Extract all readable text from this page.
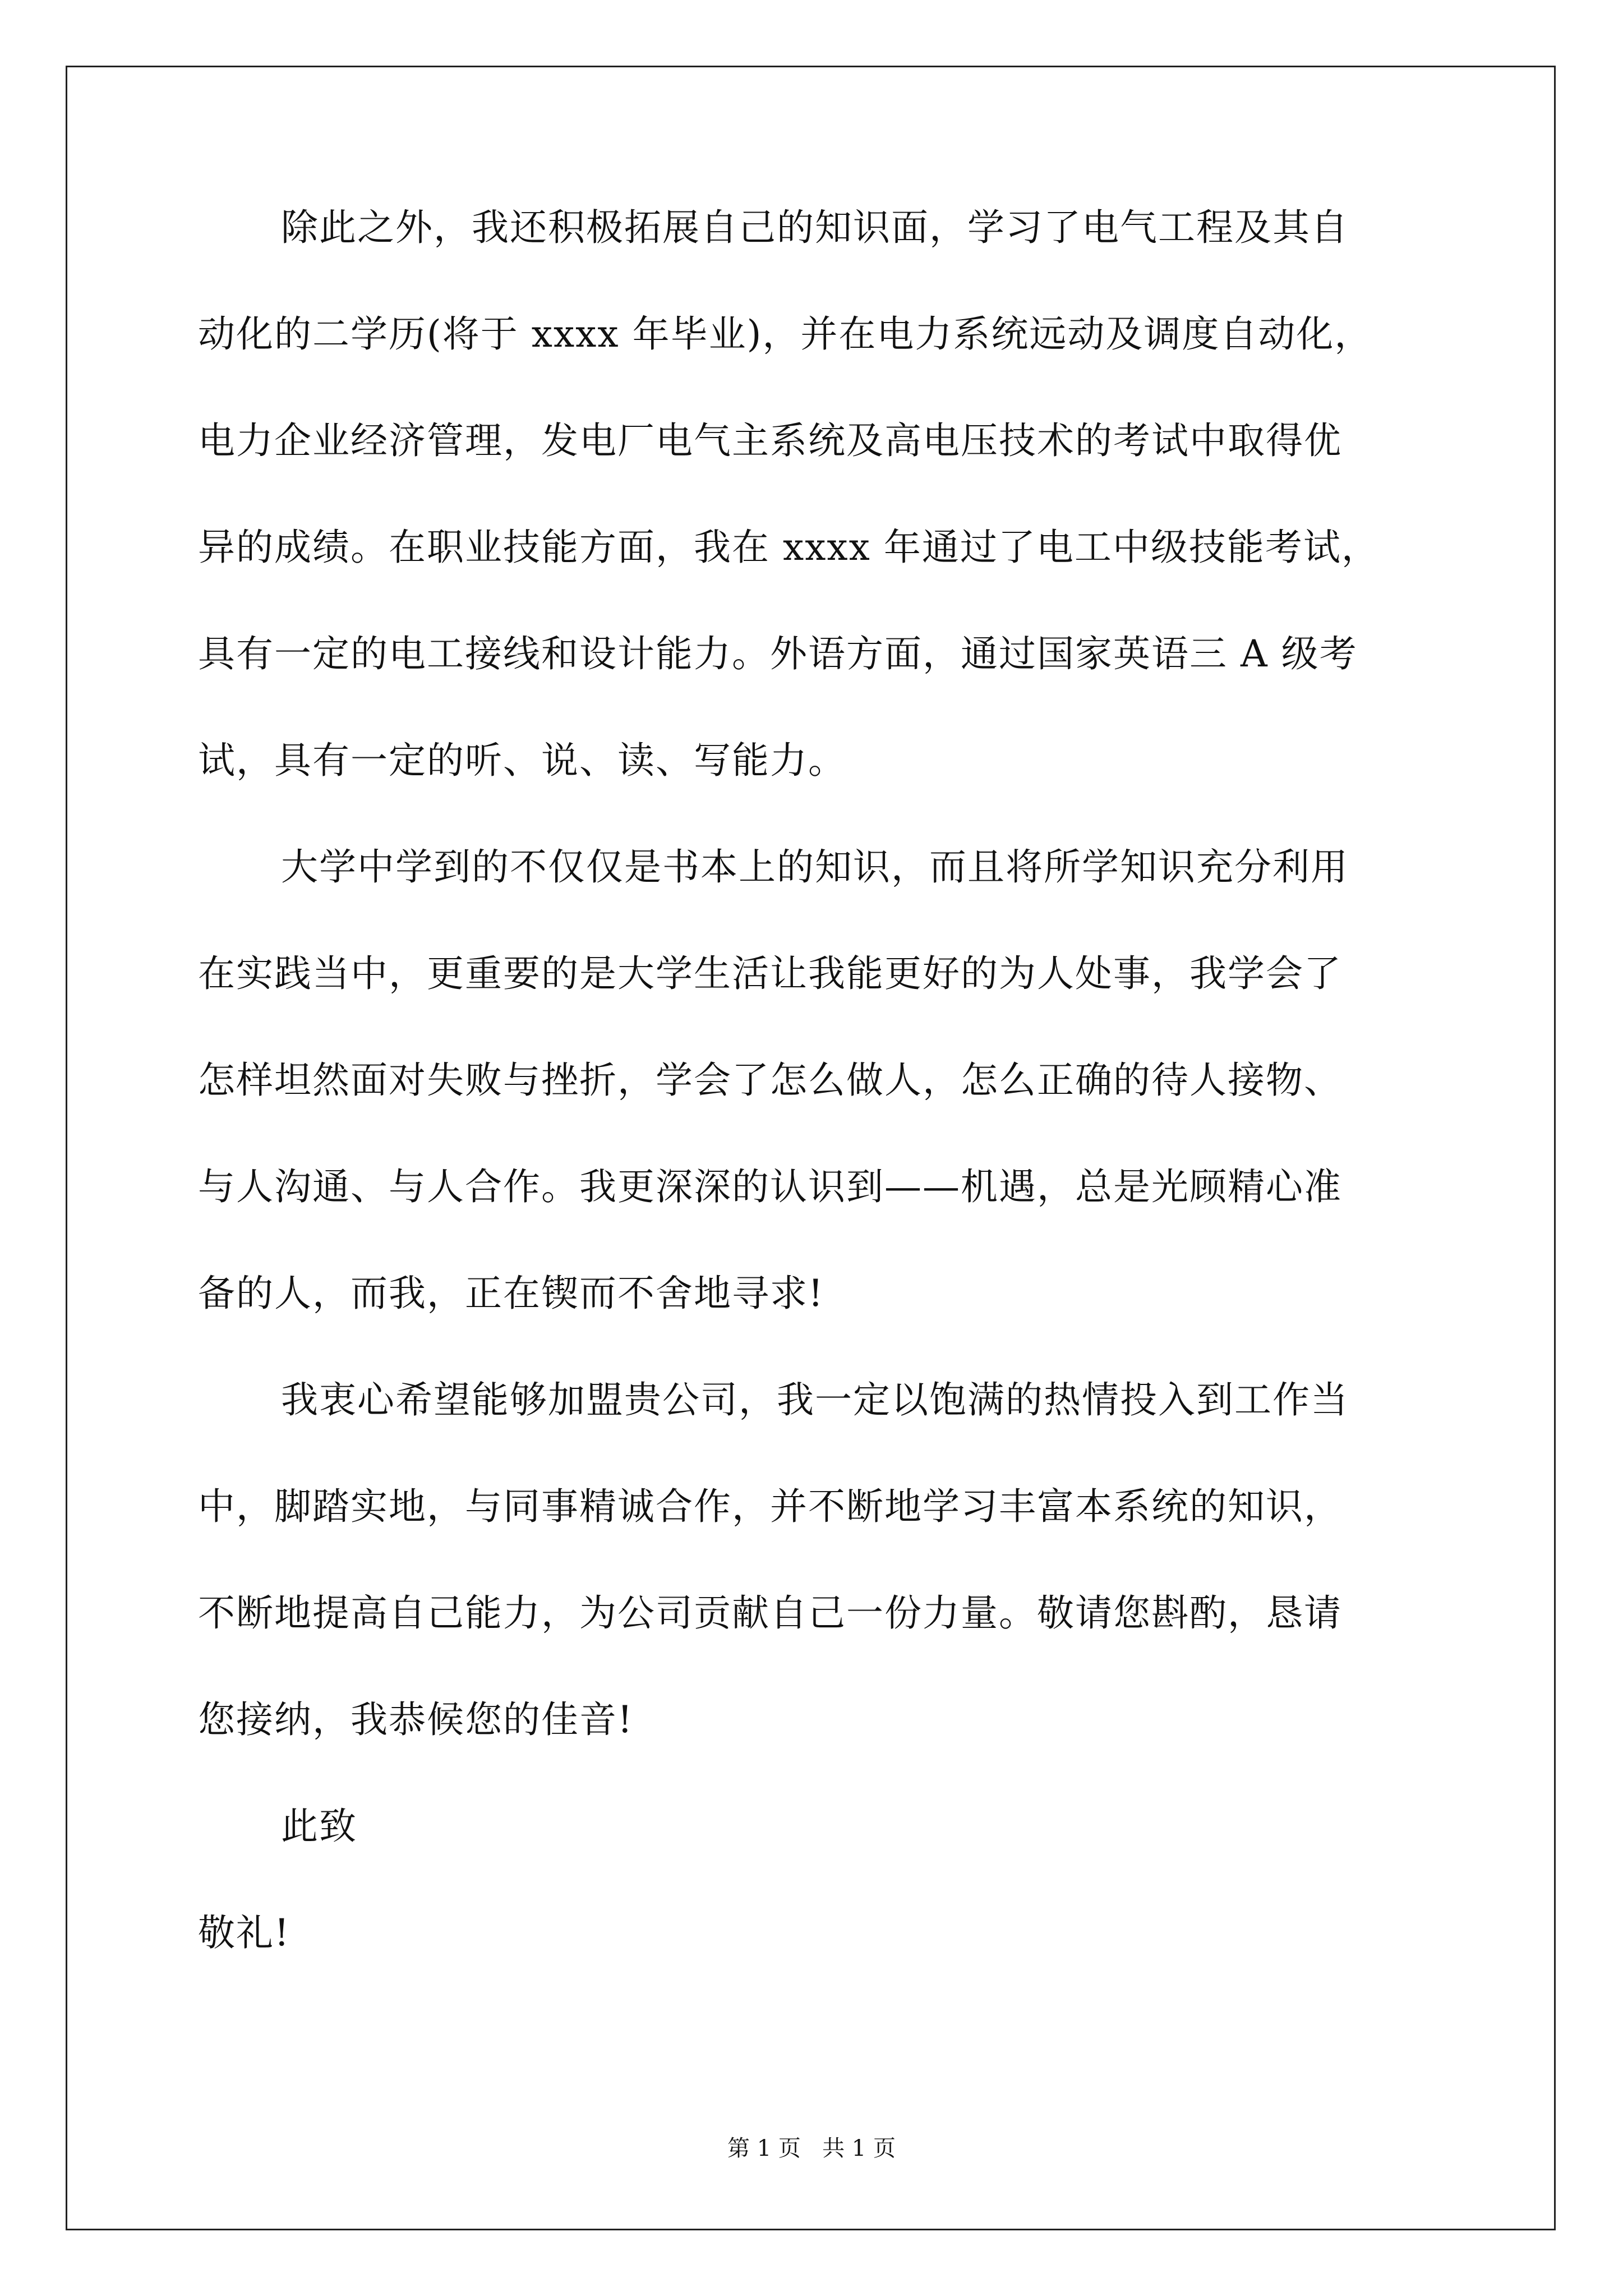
除此之外，我还积极拓展自己的知识面，学习了电气工程及其自
动化的二学历(将于 xxxx 年毕业)，并在电力系统远动及调度自动化，
电力企业经济管理，发电厂电气主系统及高电压技术的考试中取得优
异的成绩。在职业技能方面，我在 xxxx 年通过了电工中级技能考试，
具有一定的电工接线和设计能力。外语方面，通过国家英语三 A 级考
试，具有一定的听、说、读、写能力。
大学中学到的不仅仅是书本上的知识，而且将所学知识充分利用
在实践当中，更重要的是大学生活让我能更好的为人处事，我学会了
怎样坦然面对失败与挫折，学会了怎么做人，怎么正确的待人接物、
与人沟通、与人合作。我更深深的认识到——机遇，总是光顾精心准
备的人，而我，正在锲而不舍地寻求!
我衷心希望能够加盟贵公司，我一定以饱满的热情投入到工作当
中，脚踏实地，与同事精诚合作，并不断地学习丰富本系统的知识，
不断地提高自己能力，为公司贡献自己一份力量。敬请您斟酌，恳请
您接纳，我恭候您的佳音!
此致
敬礼!
第 1 页   共 1 页
